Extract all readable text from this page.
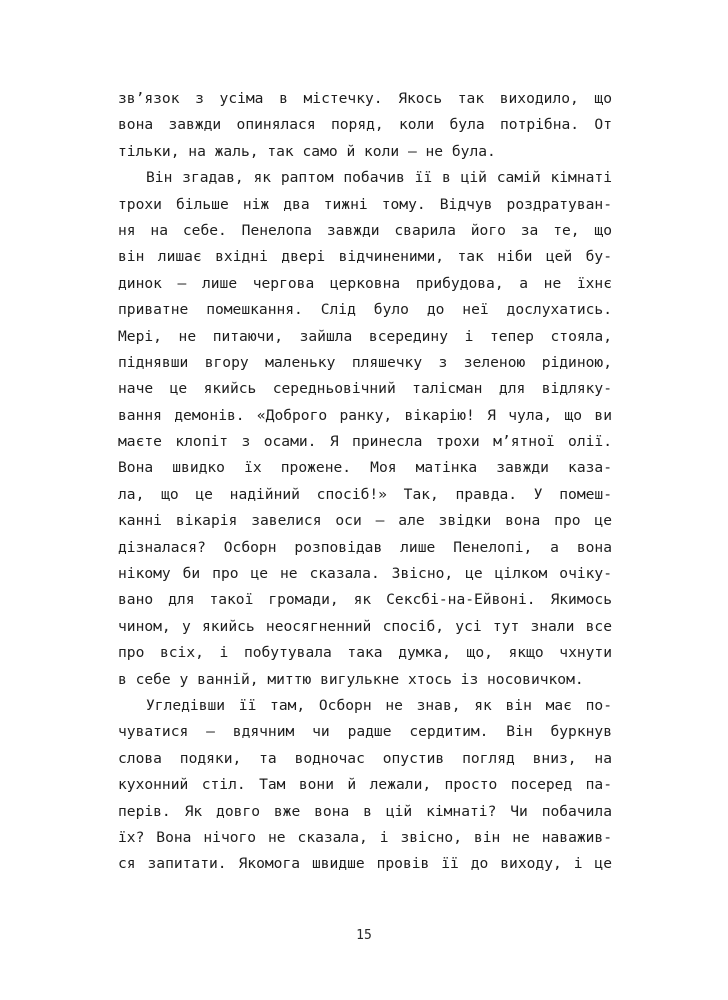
зв’язок з усіма в містечку. Якось так виходило, що
вона завжди опинялася поряд, коли була потрібна. От
тільки, на жаль, так само й коли — не була.
Він згадав, як раптом побачив її в цій самій кімнаті
трохи більше ніж два тижні тому. Відчув роздратуван-
ня на себе. Пенелопа завжди сварила його за те, що
він лишає вхідні двері відчиненими, так ніби цей бу-
динок — лише чергова церковна прибудова, а не їхнє
приватне помешкання. Слід було до неї дослухатись.
Мері, не питаючи, зайшла всередину і тепер стояла,
піднявши вгору маленьку пляшечку з зеленою рідиною,
наче це якийсь середньовічний талісман для відляку-
вання демонів. «Доброго ранку, вікарію! Я чула, що ви
маєте клопіт з осами. Я принесла трохи м’ятної олії.
Вона швидко їх прожене. Моя матінка завжди каза-
ла, що це надійний спосіб!» Так, правда. У помеш-
канні вікарія завелися оси — але звідки вона про це
дізналася? Осборн розповідав лише Пенелопі, а вона
нікому би про це не сказала. Звісно, це цілком очіку-
вано для такої громади, як Сексбі-на-Ейвоні. Якимось
чином, у якийсь неосягненний спосіб, усі тут знали все
про всіх, і побутувала така думка, що, якщо чхнути
в себе у ванній, миттю вигулькне хтось із носовичком.
Угледівши її там, Осборн не знав, як він має по-
чуватися — вдячним чи радше сердитим. Він буркнув
слова подяки, та водночас опустив погляд вниз, на
кухонний стіл. Там вони й лежали, просто посеред па-
перів. Як довго вже вона в цій кімнаті? Чи побачила
їх? Вона нічого не сказала, і звісно, він не наважив-
ся запитати. Якомога швидше провів її до виходу, і це
15
